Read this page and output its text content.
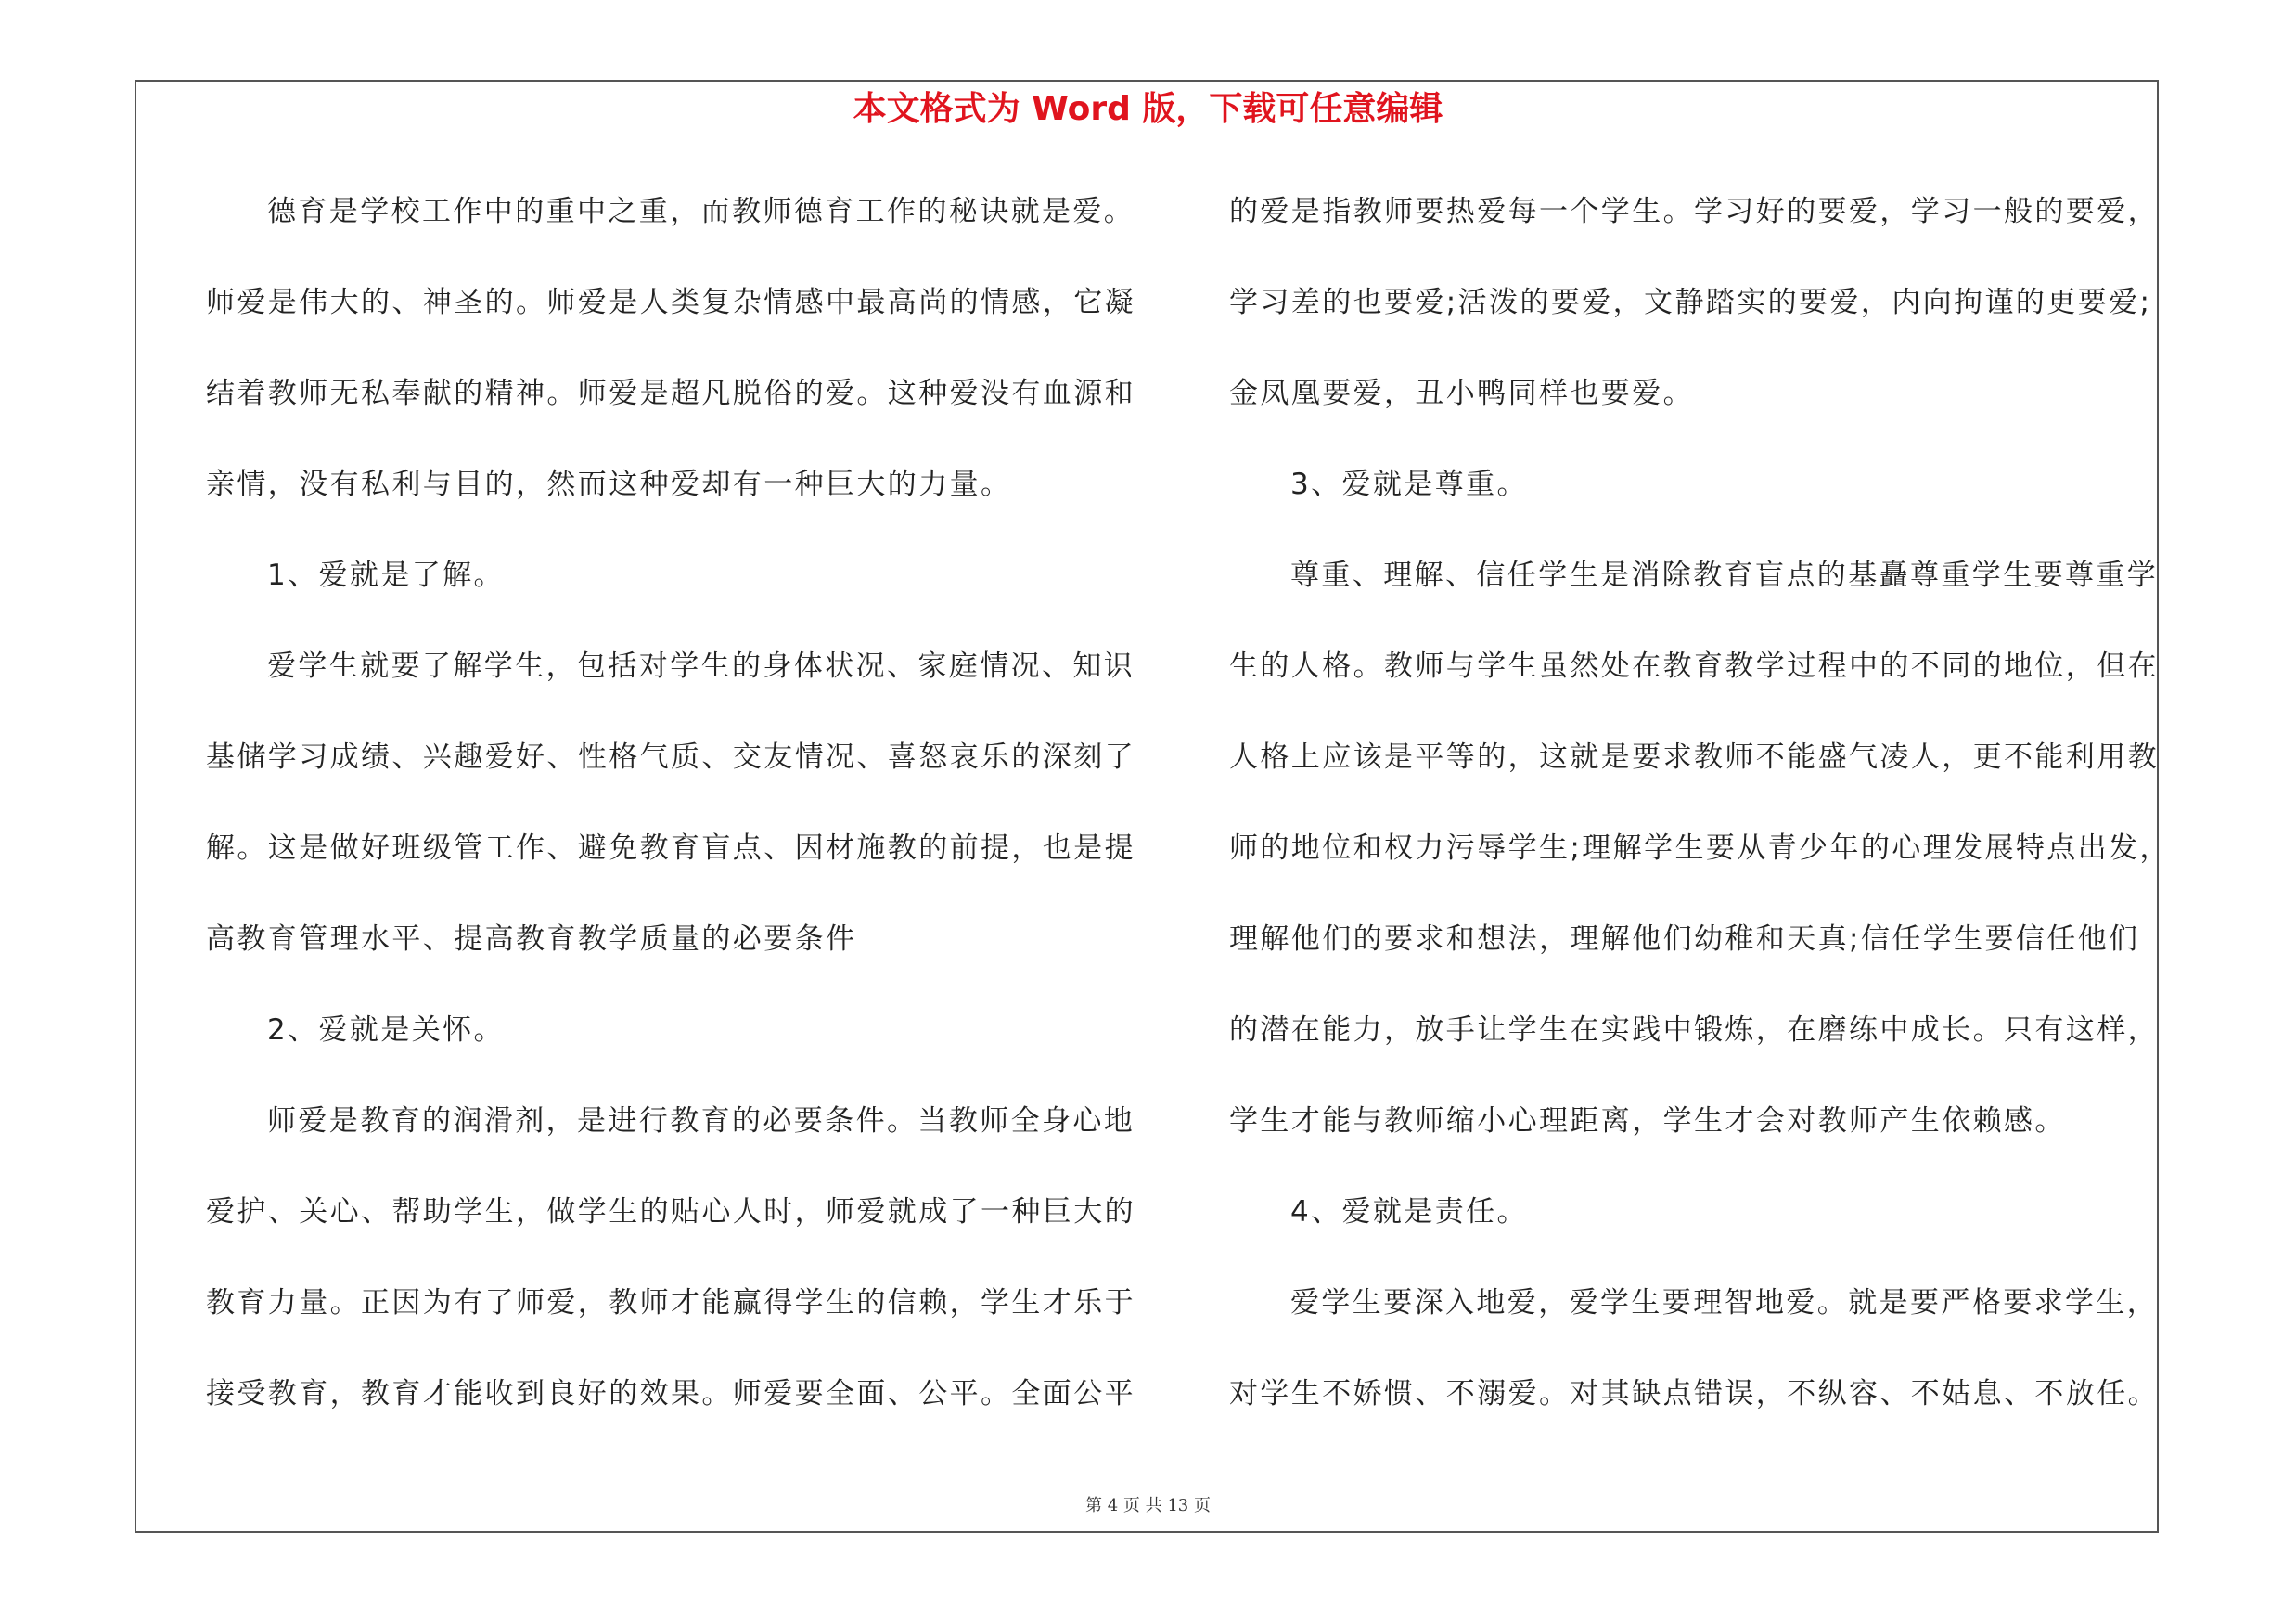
本文格式为 Word 版，下载可任意编辑
德育是学校工作中的重中之重，而教师德育工作的秘诀就是爱。
师爱是伟大的、神圣的。师爱是人类复杂情感中最高尚的情感，它凝
结着教师无私奉献的精神。师爱是超凡脱俗的爱。这种爱没有血源和
亲情，没有私利与目的，然而这种爱却有一种巨大的力量。
1、爱就是了解。
爱学生就要了解学生，包括对学生的身体状况、家庭情况、知识
基储学习成绩、兴趣爱好、性格气质、交友情况、喜怒哀乐的深刻了
解。这是做好班级管工作、避免教育盲点、因材施教的前提，也是提
高教育管理水平、提高教育教学质量的必要条件
2、爱就是关怀。
师爱是教育的润滑剂，是进行教育的必要条件。当教师全身心地
爱护、关心、帮助学生，做学生的贴心人时，师爱就成了一种巨大的
教育力量。正因为有了师爱，教师才能赢得学生的信赖，学生才乐于
接受教育，教育才能收到良好的效果。师爱要全面、公平。全面公平
的爱是指教师要热爱每一个学生。学习好的要爱，学习一般的要爱，
学习差的也要爱;活泼的要爱，文静踏实的要爱，内向拘谨的更要爱;
金凤凰要爱，丑小鸭同样也要爱。
3、爱就是尊重。
尊重、理解、信任学生是消除教育盲点的基矗尊重学生要尊重学
生的人格。教师与学生虽然处在教育教学过程中的不同的地位，但在
人格上应该是平等的，这就是要求教师不能盛气凌人，更不能利用教
师的地位和权力污辱学生;理解学生要从青少年的心理发展特点出发，
理解他们的要求和想法，理解他们幼稚和天真;信任学生要信任他们
的潜在能力，放手让学生在实践中锻炼，在磨练中成长。只有这样，
学生才能与教师缩小心理距离，学生才会对教师产生依赖感。
4、爱就是责任。
爱学生要深入地爱，爱学生要理智地爱。就是要严格要求学生，
对学生不娇惯、不溺爱。对其缺点错误，不纵容、不姑息、不放任。
第 4 页 共 13 页
